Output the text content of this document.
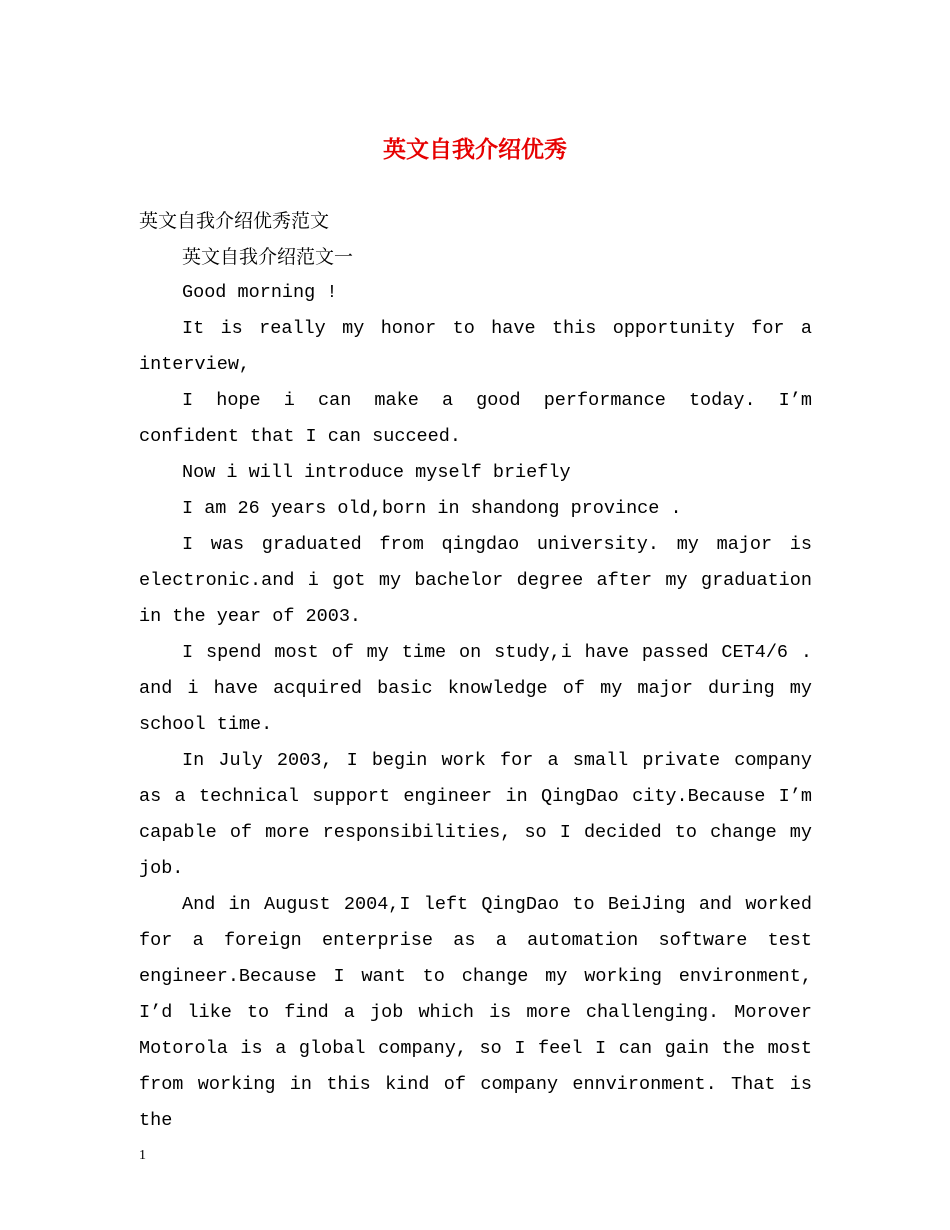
英文自我介绍优秀

英文自我介绍优秀范文

英文自我介绍范文一

Good morning !

It is really my honor to have this opportunity for a interview,

I hope i can make a good performance today. I’m confident that I can succeed.

Now i will introduce myself briefly

I am 26 years old,born in shandong province .

I was graduated from qingdao university. my major is electronic.and i got my bachelor degree after my graduation in the year of 2003.

I spend most of my time on study,i have passed CET4/6 . and i have acquired basic knowledge of my major during my school time.

In July 2003, I begin work for a small private company as a technical support engineer in QingDao city.Because I’m capable of more responsibilities, so I decided to change my job.

And in August 2004,I left QingDao to BeiJing and worked for a foreign enterprise as a automation software test engineer.Because I want to change my working environment, I’d like to find a job which is more challenging. Morover Motorola is a global company, so I feel I can gain the most from working in this kind of company ennvironment. That is the

1
